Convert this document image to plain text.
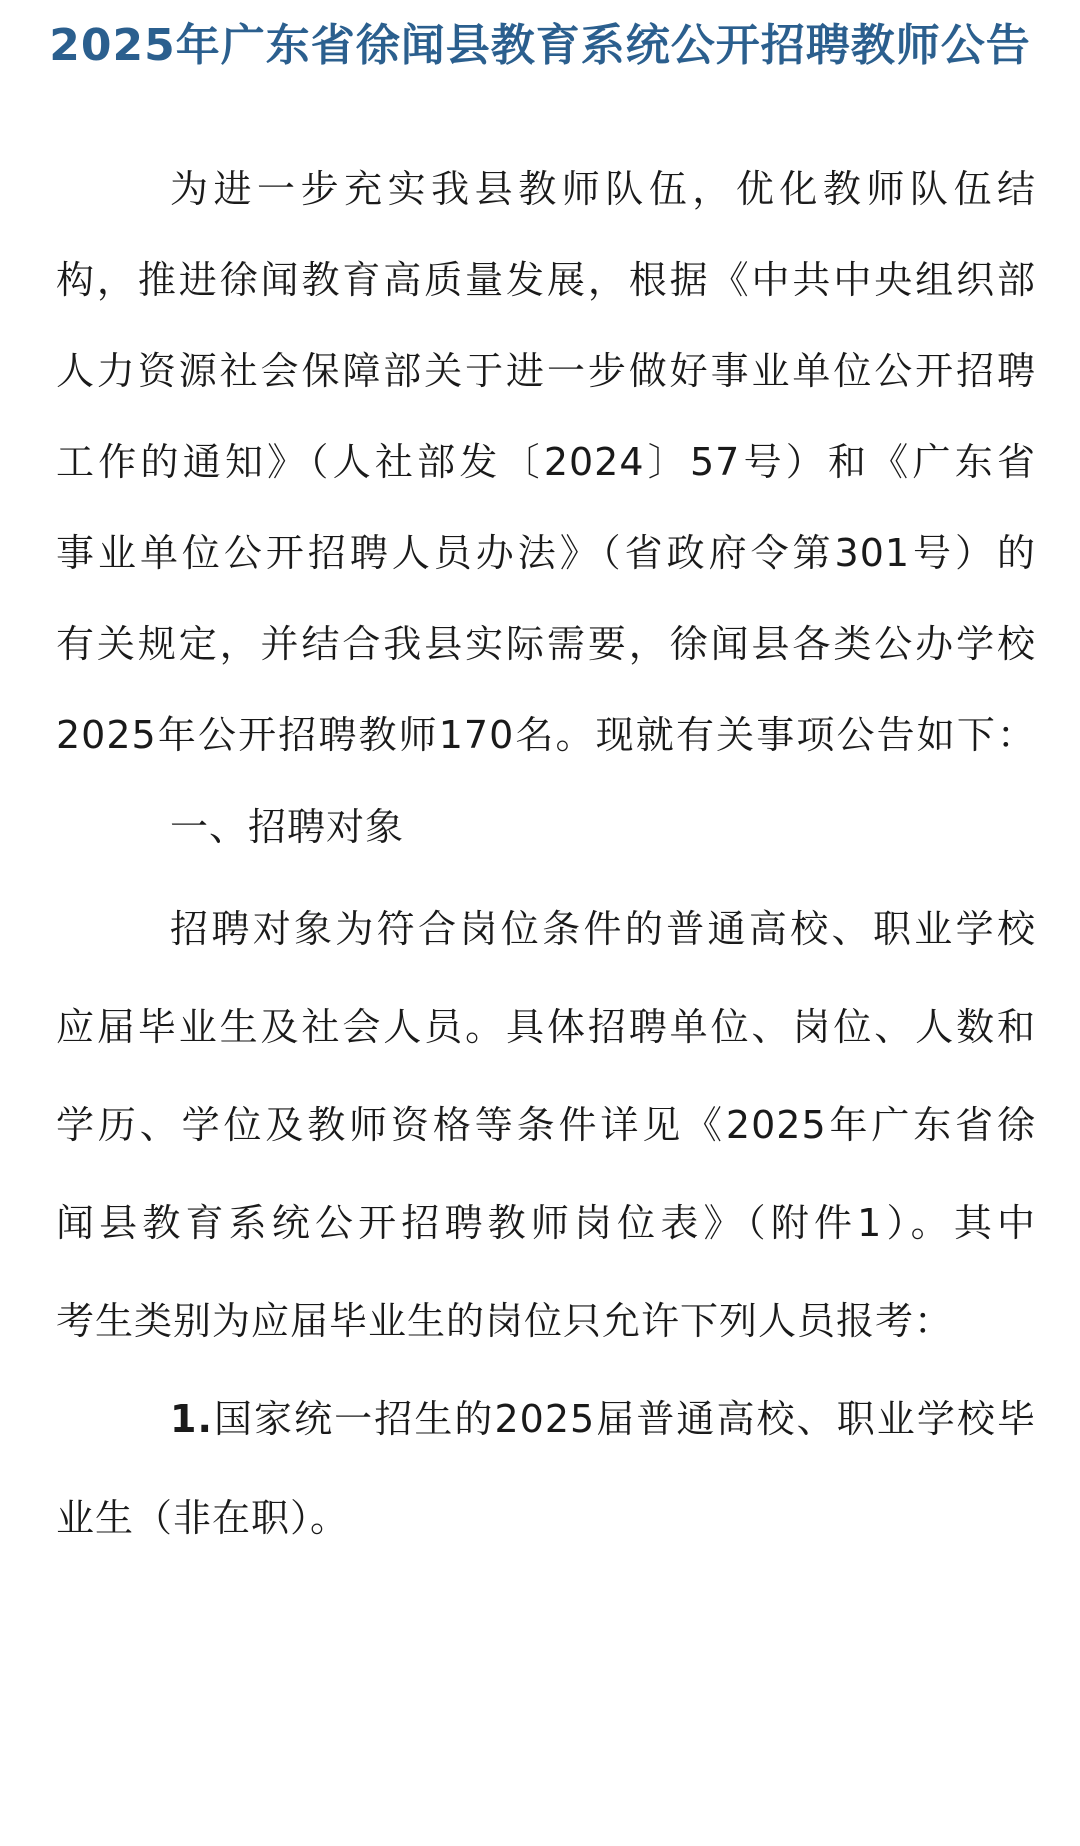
2025年广东省徐闻县教育系统公开招聘教师公告
为进一步充实我县教师队伍，优化教师队伍结
构，推进徐闻教育高质量发展，根据《中共中央组织部
人力资源社会保障部关于进一步做好事业单位公开招聘
工作的通知》（人社部发〔2024〕57号）和《广东省
事业单位公开招聘人员办法》（省政府令第301号）的
有关规定，并结合我县实际需要，徐闻县各类公办学校
2025年公开招聘教师170名。现就有关事项公告如下：
一、招聘对象
招聘对象为符合岗位条件的普通高校、职业学校
应届毕业生及社会人员。具体招聘单位、岗位、人数和
学历、学位及教师资格等条件详见《2025年广东省徐
闻县教育系统公开招聘教师岗位表》（附件1）。其中
考生类别为应届毕业生的岗位只允许下列人员报考：
1.国家统一招生的2025届普通高校、职业学校毕
业生（非在职）。
